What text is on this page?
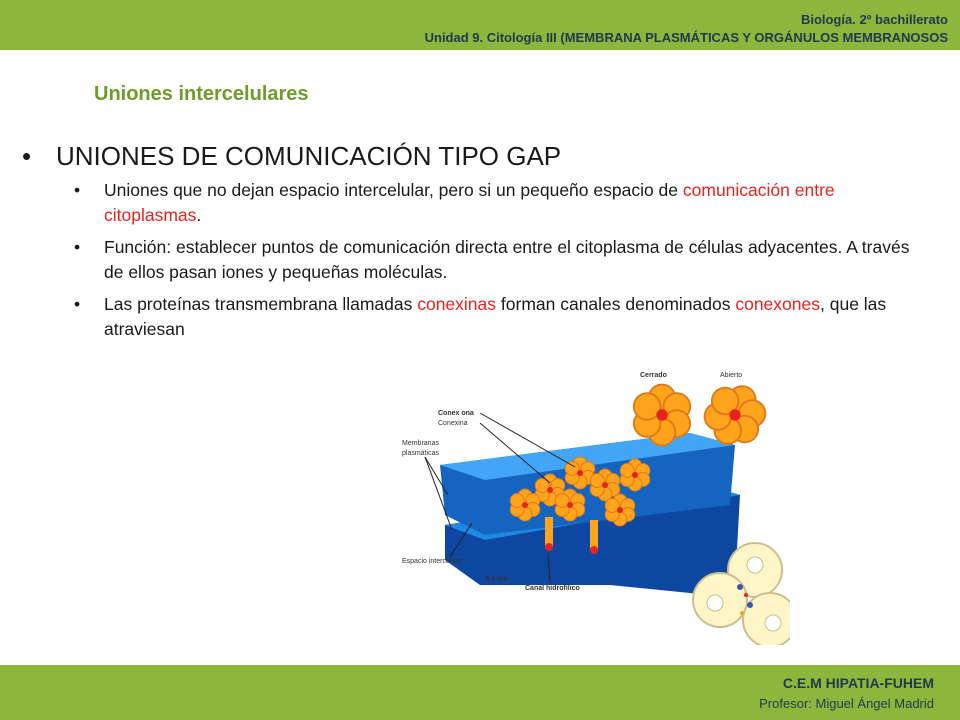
Biología. 2º bachillerato
Unidad 9. Citología III (MEMBRANA PLASMÁTICAS Y ORGÁNULOS MEMBRANOSOS
Uniones intercelulares
• UNIONES DE COMUNICACIÓN TIPO GAP
• Uniones que no dejan espacio intercelular, pero si un pequeño espacio de comunicación entre citoplasmas.
• Función: establecer puntos de comunicación directa entre el citoplasma de células adyacentes. A través de ellos pasan iones y pequeñas moléculas.
• Las proteínas transmembrana llamadas conexinas forman canales denominados conexones, que las atraviesan
Cerrado	Abierto
Conex ona
Conexina
Membranas
plasmáticas
Espacio intercelular
2-4 nm
Canal hidrofílico
C.E.M HIPATIA-FUHEM
Profesor: Miguel Ángel Madrid
